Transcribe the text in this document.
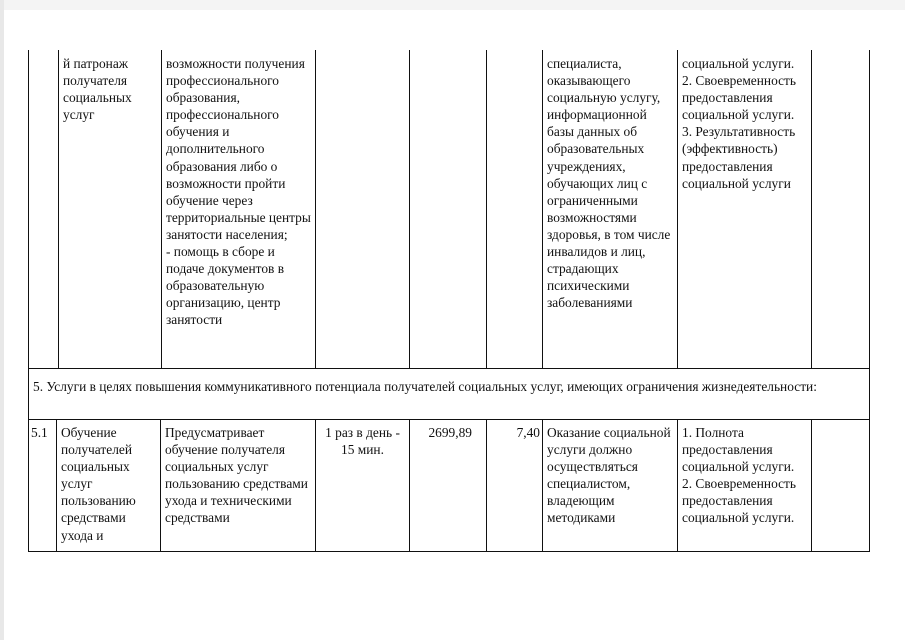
й патронаж получателя социальных услуг
возможности получения профессионального образования, профессионального обучения и дополнительного образования либо о возможности пройти обучение через территориальные центры занятости населения;
- помощь в сборе и подаче документов в образовательную организацию, центр занятости
специалиста, оказывающего социальную услугу, информационной базы данных об образовательных учреждениях, обучающих лиц с ограниченными возможностями здоровья, в том числе инвалидов и лиц, страдающих психическими заболеваниями
социальной услуги.
2. Своевременность предоставления социальной услуги.
3. Результативность (эффективность) предоставления социальной услуги
5. Услуги в целях повышения коммуникативного потенциала получателей социальных услуг, имеющих ограничения жизнедеятельности:
5.1 Обучение получателей социальных услуг пользованию средствами ухода и
Предусматривает обучение получателя социальных услуг пользованию средствами ухода и техническими средствами
1 раз в день - 15 мин.
2699,89	7,40 Оказание социальной услуги должно осуществляться специалистом, владеющим методиками
1. Полнота предоставления социальной услуги.
2. Своевременность предоставления социальной услуги.
